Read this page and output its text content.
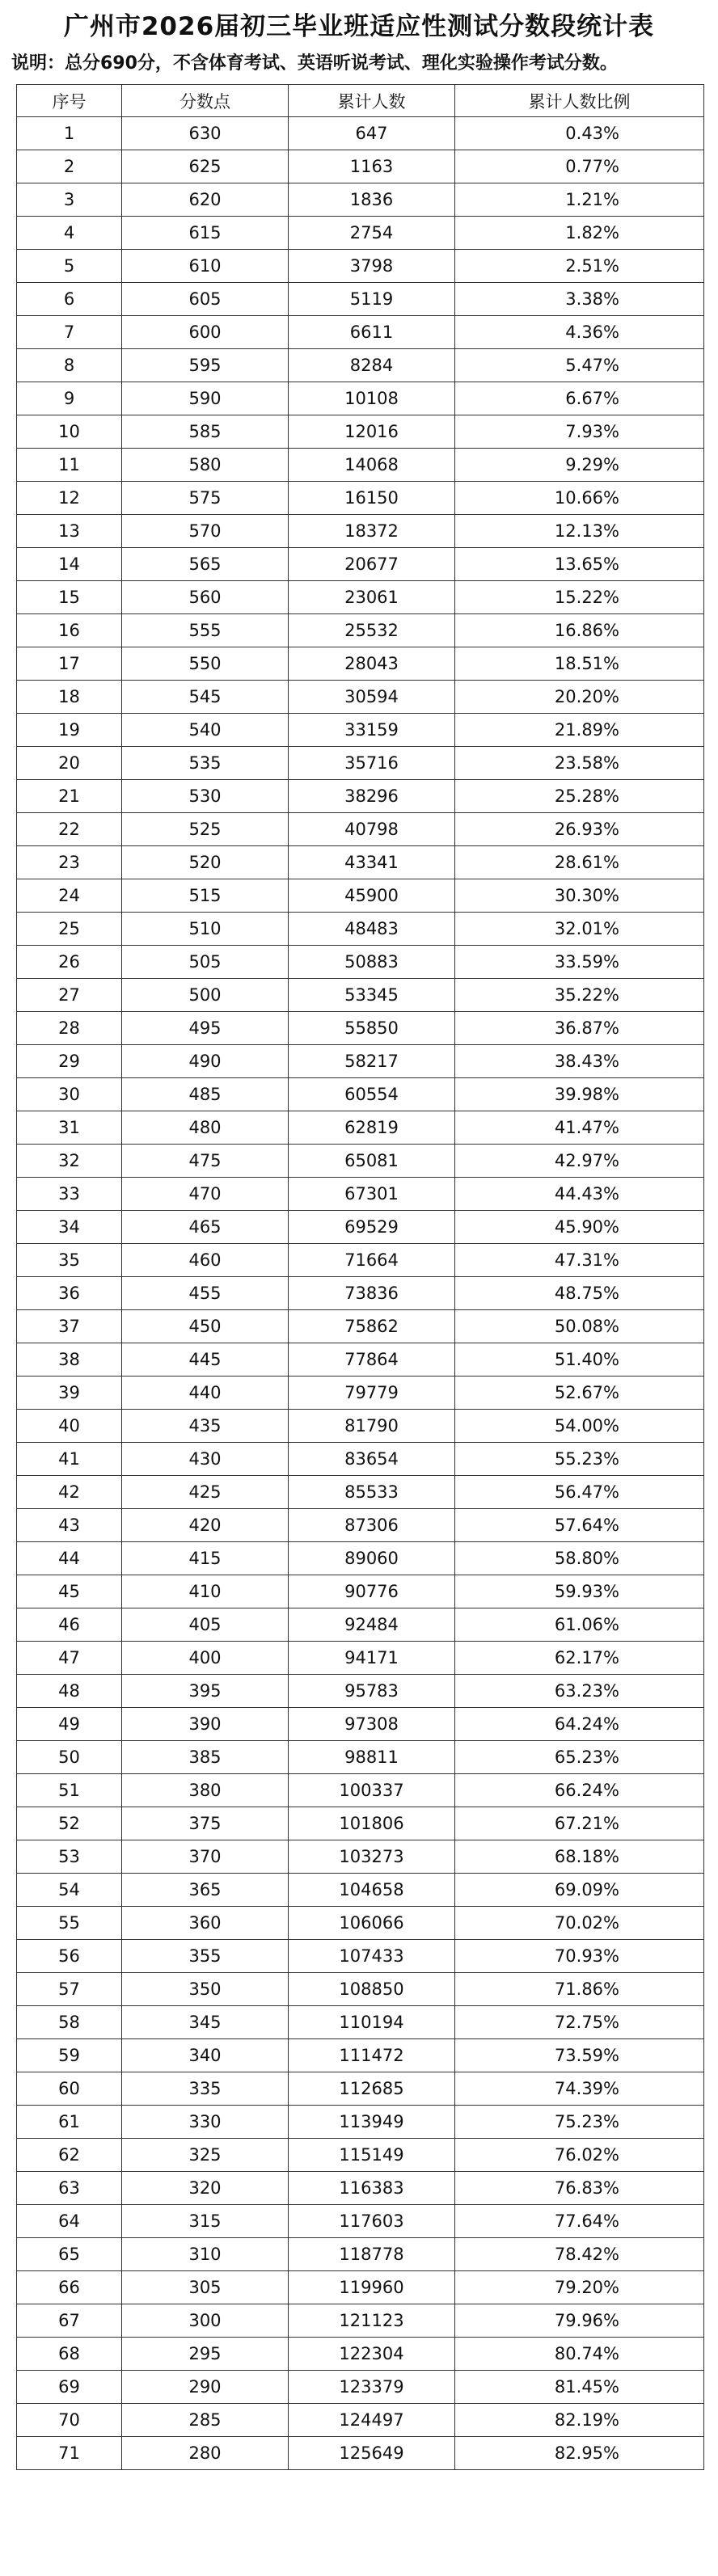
广州市2026届初三毕业班适应性测试分数段统计表
说明：总分690分，不含体育考试、英语听说考试、理化实验操作考试分数。
序号	分数点	累计人数	累计人数比例
1	630	647	0.43%
2	625	1163	0.77%
3	620	1836	1.21%
4	615	2754	1.82%
5	610	3798	2.51%
6	605	5119	3.38%
7	600	6611	4.36%
8	595	8284	5.47%
9	590	10108	6.67%
10	585	12016	7.93%
11	580	14068	9.29%
12	575	16150	10.66%
13	570	18372	12.13%
14	565	20677	13.65%
15	560	23061	15.22%
16	555	25532	16.86%
17	550	28043	18.51%
18	545	30594	20.20%
19	540	33159	21.89%
20	535	35716	23.58%
21	530	38296	25.28%
22	525	40798	26.93%
23	520	43341	28.61%
24	515	45900	30.30%
25	510	48483	32.01%
26	505	50883	33.59%
27	500	53345	35.22%
28	495	55850	36.87%
29	490	58217	38.43%
30	485	60554	39.98%
31	480	62819	41.47%
32	475	65081	42.97%
33	470	67301	44.43%
34	465	69529	45.90%
35	460	71664	47.31%
36	455	73836	48.75%
37	450	75862	50.08%
38	445	77864	51.40%
39	440	79779	52.67%
40	435	81790	54.00%
41	430	83654	55.23%
42	425	85533	56.47%
43	420	87306	57.64%
44	415	89060	58.80%
45	410	90776	59.93%
46	405	92484	61.06%
47	400	94171	62.17%
48	395	95783	63.23%
49	390	97308	64.24%
50	385	98811	65.23%
51	380	100337	66.24%
52	375	101806	67.21%
53	370	103273	68.18%
54	365	104658	69.09%
55	360	106066	70.02%
56	355	107433	70.93%
57	350	108850	71.86%
58	345	110194	72.75%
59	340	111472	73.59%
60	335	112685	74.39%
61	330	113949	75.23%
62	325	115149	76.02%
63	320	116383	76.83%
64	315	117603	77.64%
65	310	118778	78.42%
66	305	119960	79.20%
67	300	121123	79.96%
68	295	122304	80.74%
69	290	123379	81.45%
70	285	124497	82.19%
71	280	125649	82.95%
